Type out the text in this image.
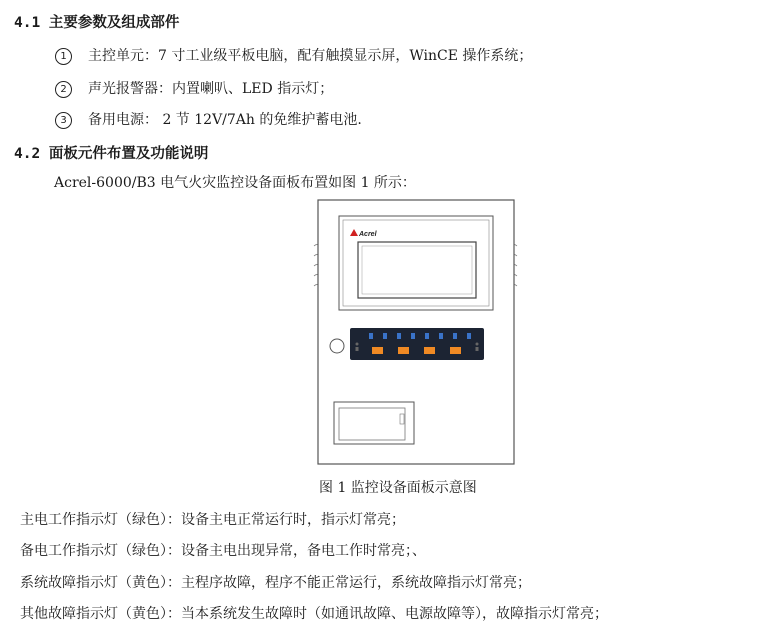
4.1 主要参数及组成部件
1 主控单元：7 寸工业级平板电脑，配有触摸显示屏，WinCE 操作系统；
2 声光报警器：内置喇叭、LED 指示灯；
3 备用电源： 2 节 12V/7Ah 的免维护蓄电池.
4.2 面板元件布置及功能说明
Acrel-6000/B3 电气火灾监控设备面板布置如图 1 所示：
Acrel
图 1 监控设备面板示意图
主电工作指示灯（绿色）：设备主电正常运行时，指示灯常亮；
备电工作指示灯（绿色）：设备主电出现异常，备电工作时常亮；、
系统故障指示灯（黄色）：主程序故障，程序不能正常运行，系统故障指示灯常亮；
其他故障指示灯（黄色）：当本系统发生故障时（如通讯故障、电源故障等），故障指示灯常亮；
